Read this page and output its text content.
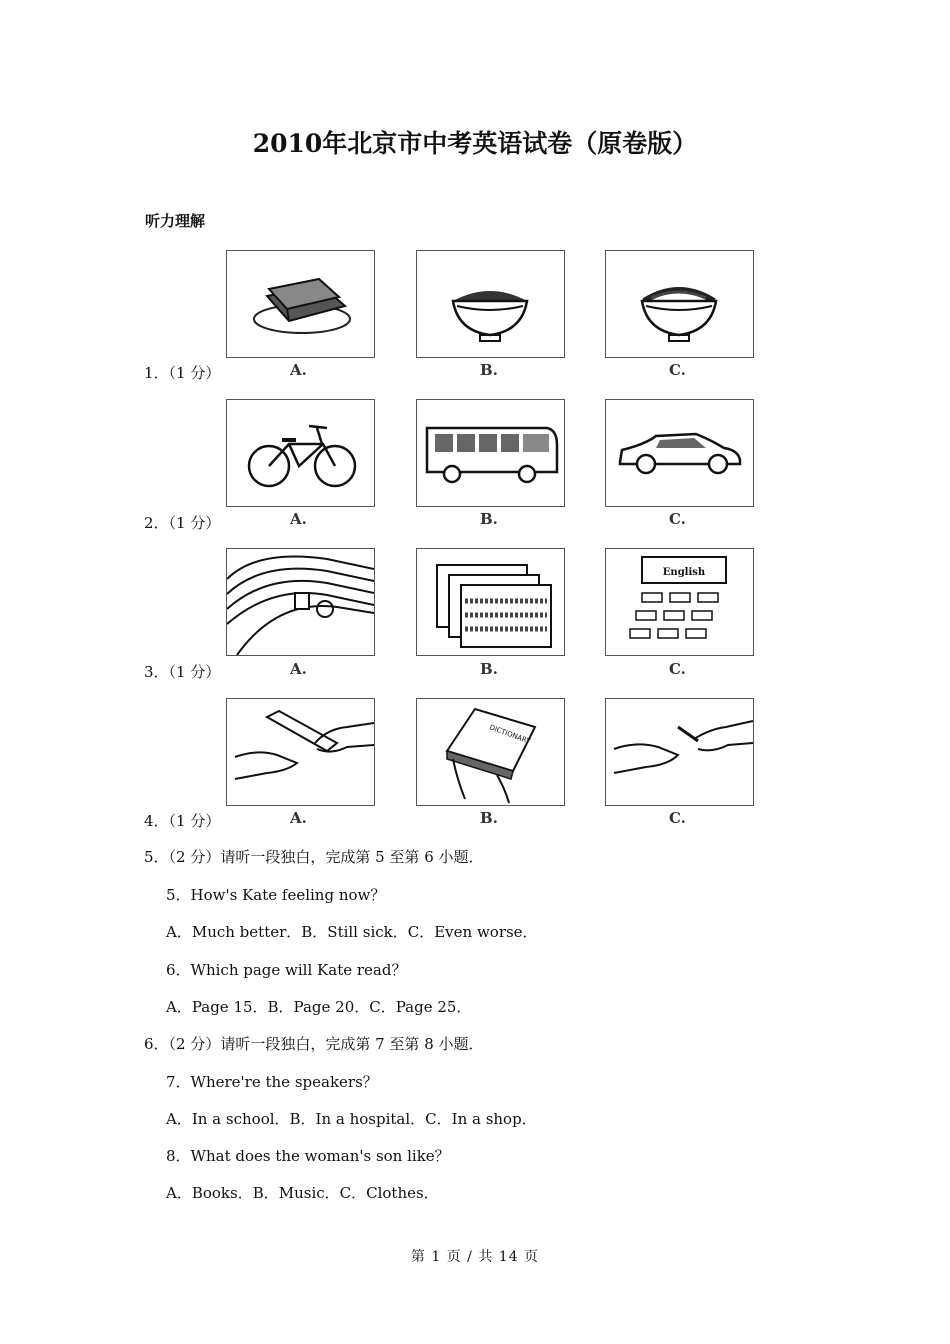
2010年北京市中考英语试卷（原卷版）
听力理解
1．（1 分）
2．（1 分）
3．（1 分）
4．（1 分）
English
DICTIONARY
A.	B.	C.
A.	B.	C.
A.	B.	C.
A.	B.	C.
5．（2 分）请听一段独白，完成第 5 至第 6 小题．
5．How's Kate feeling now？
A．Much better．B．Still sick．C．Even worse．
6．Which page will Kate read？
A．Page 15．B．Page 20．C．Page 25．
6．（2 分）请听一段独白，完成第 7 至第 8 小题．
7．Where're the speakers？
A．In a school．B．In a hospital．C．In a shop．
8．What does the woman's son like？
A．Books．B．Music．C．Clothes．
第 1 页 / 共 14 页
